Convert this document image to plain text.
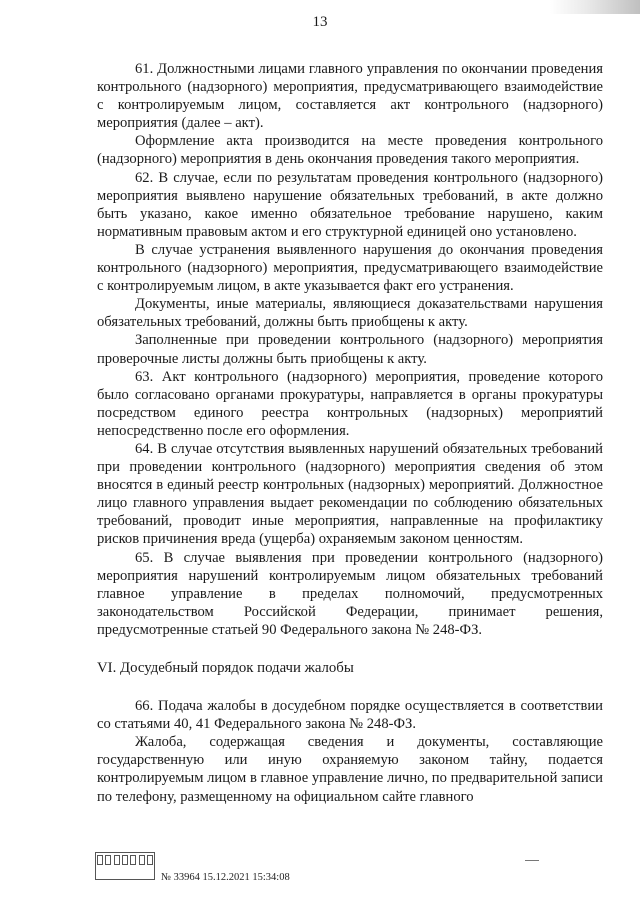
13

61. Должностными лицами главного управления по окончании проведения контрольного (надзорного) мероприятия, предусматривающего взаимодействие с контролируемым лицом, составляется акт контрольного (надзорного) мероприятия (далее – акт).

Оформление акта производится на месте проведения контрольного (надзорного) мероприятия в день окончания проведения такого мероприятия.

62. В случае, если по результатам проведения контрольного (надзорного) мероприятия выявлено нарушение обязательных требований, в акте должно быть указано, какое именно обязательное требование нарушено, каким нормативным правовым актом и его структурной единицей оно установлено.

В случае устранения выявленного нарушения до окончания проведения контрольного (надзорного) мероприятия, предусматривающего взаимодействие с контролируемым лицом, в акте указывается факт его устранения.

Документы, иные материалы, являющиеся доказательствами нарушения обязательных требований, должны быть приобщены к акту.

Заполненные при проведении контрольного (надзорного) мероприятия проверочные листы должны быть приобщены к акту.

63. Акт контрольного (надзорного) мероприятия, проведение которого было согласовано органами прокуратуры, направляется в органы прокуратуры посредством единого реестра контрольных (надзорных) мероприятий непосредственно после его оформления.

64. В случае отсутствия выявленных нарушений обязательных требований при проведении контрольного (надзорного) мероприятия сведения об этом вносятся в единый реестр контрольных (надзорных) мероприятий. Должностное лицо главного управления выдает рекомендации по соблюдению обязательных требований, проводит иные мероприятия, направленные на профилактику рисков причинения вреда (ущерба) охраняемым законом ценностям.

65. В случае выявления при проведении контрольного (надзорного) мероприятия нарушений контролируемым лицом обязательных требований главное управление в пределах полномочий, предусмотренных законодательством Российской Федерации, принимает решения, предусмотренные статьей 90 Федерального закона № 248-ФЗ.

VI. Досудебный порядок подачи жалобы

66. Подача жалобы в досудебном порядке осуществляется в соответствии со статьями 40, 41 Федерального закона № 248-ФЗ.

Жалоба, содержащая сведения и документы, составляющие государственную или иную охраняемую законом тайну, подается контролируемым лицом в главное управление лично, по предварительной записи по телефону, размещенному на официальном сайте главного

№ 33964 15.12.2021 15:34:08
